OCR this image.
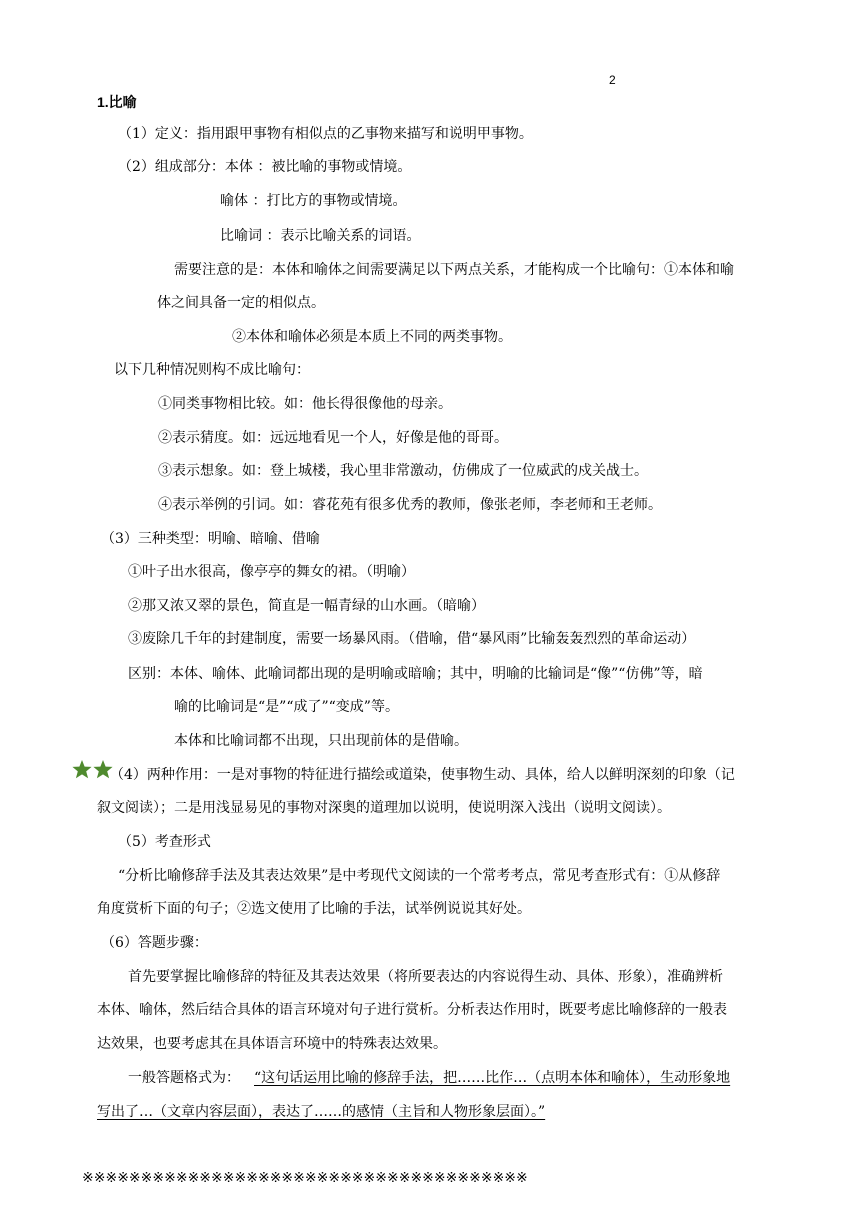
2
1.比喻
（1）定义：指用跟甲事物有相似点的乙事物来描写和说明甲事物。
（2）组成部分：本体 ：被比喻的事物或情境。
喻体 ：打比方的事物或情境。
比喻词 ：表示比喻关系的词语。
需要注意的是：本体和喻体之间需要满足以下两点关系，才能构成一个比喻句：①本体和喻
体之间具备一定的相似点。
②本体和喻体必须是本质上不同的两类事物。
以下几种情况则构不成比喻句：
①同类事物相比较。如：他长得很像他的母亲。
②表示猜度。如：远远地看见一个人，好像是他的哥哥。
③表示想象。如：登上城楼，我心里非常激动，仿佛成了一位威武的戍关战士。
④表示举例的引词。如：睿花苑有很多优秀的教师，像张老师，李老师和王老师。
（3）三种类型：明喻、暗喻、借喻
①叶子出水很高，像亭亭的舞女的裙。（明喻）
②那又浓又翠的景色，简直是一幅青绿的山水画。（暗喻）
③废除几千年的封建制度，需要一场暴风雨。（借喻，借“暴风雨”比输轰轰烈烈的革命运动）
区别：本体、喻体、此喻词都出现的是明喻或暗喻；其中，明喻的比输词是“像”“仿佛”等，暗
喻的比喻词是“是”“成了”“变成”等。
本体和比喻词都不出现，只出现前体的是借喻。
（4）两种作用：一是对事物的特征进行描绘或道染，使事物生动、具体，给人以鲜明深刻的印象（记
叙文阅读）；二是用浅显易见的事物对深奥的道理加以说明，使说明深入浅出（说明文阅读）。
（5）考查形式
“分析比喻修辞手法及其表达效果”是中考现代文阅读的一个常考考点，常见考查形式有：①从修辞
角度赏析下面的句子；②选文使用了比喻的手法，试举例说说其好处。
（6）答题步骤：
首先要掌握比喻修辞的特征及其表达效果（将所要表达的内容说得生动、具体、形象），准确辨析
本体、喻体，然后结合具体的语言环境对句子进行赏析。分析表达作用时，既要考虑比喻修辞的一般表
达效果，也要考虑其在具体语言环境中的特殊表达效果。
一般答题格式为： “这句话运用比喻的修辞手法，把……比作…（点明本体和喻体），生动形象地
写出了…（文章内容层面），表达了……的感情（主旨和人物形象层面）。”
※※※※※※※※※※※※※※※※※※※※※※※※※※※※※※※※※※※※※※
